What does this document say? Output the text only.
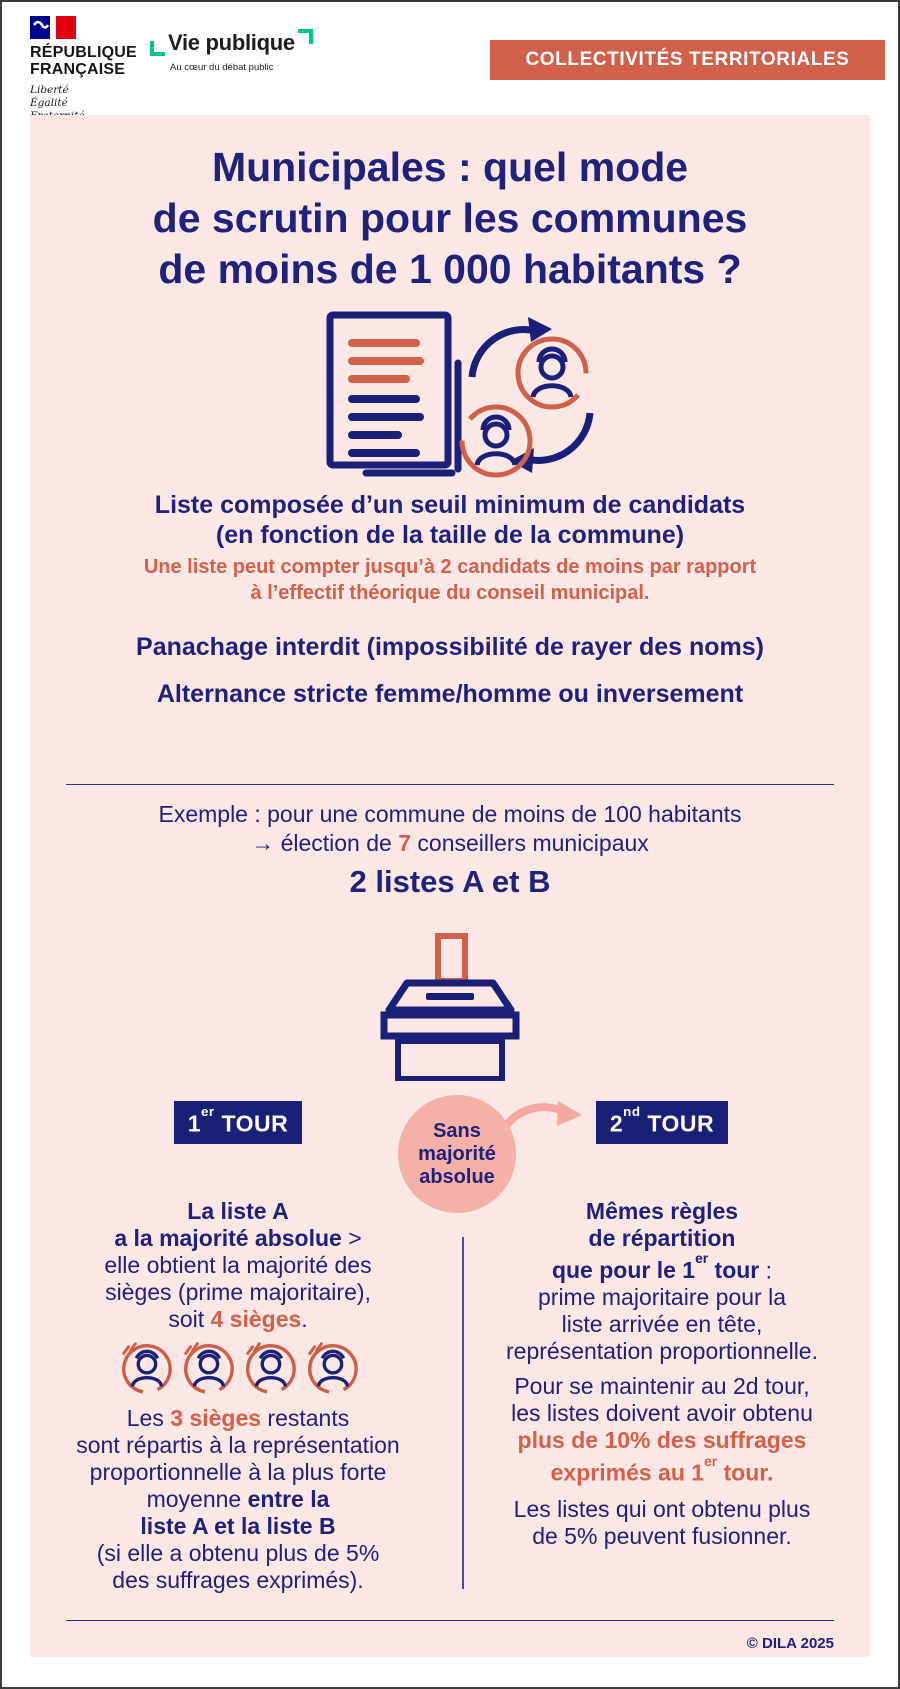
RÉPUBLIQUE
FRANÇAISE
Liberté
Égalité
Vie publique
Au cœur du débat public	COLLECTIVITÉS TERRITORIALES
Municipales : quel mode
de scrutin pour les communes
de moins de 1 000 habitants ?
Liste composée d’un seuil minimum de candidats
(en fonction de la taille de la commune)

Une liste peut compter jusqu’à 2 candidats de moins par rapport
à l’effectif théorique du conseil municipal.

Panachage interdit (impossibilité de rayer des noms)
Alternance stricte femme/homme ou inversement

Exemple : pour une commune de moins de 100 habitants
→ élection de 7 conseillers municipaux

2 listes A et B
1er TOUR

La liste A
a la majorité absolue >
elle obtient la majorité des
sièges (prime majoritaire),
soit 4 sièges.

Les 3 sièges restants
sont répartis à la représentation
proportionnelle à la plus forte
moyenne entre la
liste A et la liste B
(si elle a obtenu plus de 5%
des suffrages exprimés).

2nd TOUR

Mêmes règles
de répartition
que pour le 1er tour :
prime majoritaire pour la
liste arrivée en tête,
représentation proportionnelle.

Pour se maintenir au 2d tour,
les listes doivent avoir obtenu
plus de 10% des suffrages
exprimés au 1er tour.

Les listes qui ont obtenu plus
de 5% peuvent fusionner.

Sans
majorité
absolue
© DILA 2025
